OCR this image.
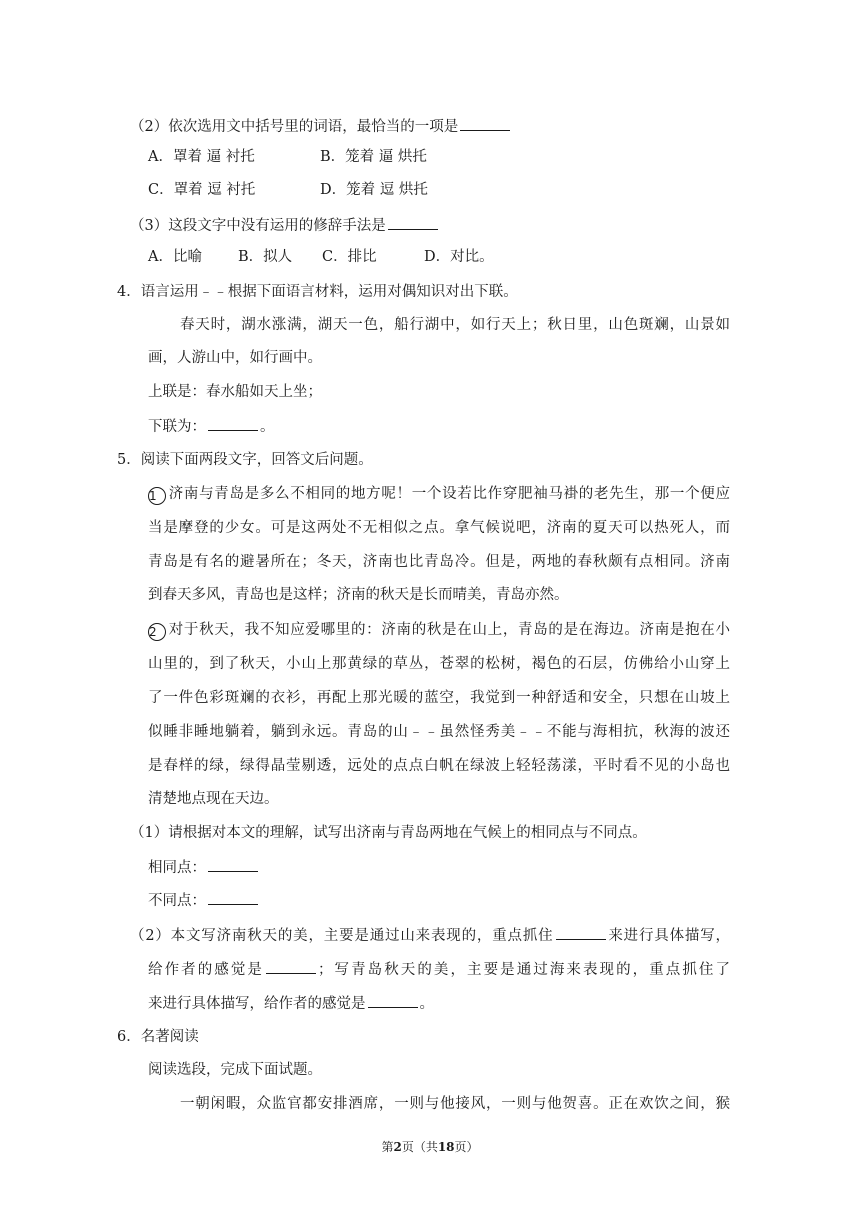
（2）依次选用文中括号里的词语，最恰当的一项是
A．罩着 逼 衬托	B．笼着 逼 烘托
C．罩着 逗 衬托	D．笼着 逗 烘托
（3）这段文字中没有运用的修辞手法是
A．比喻 B．拟人 C．排比	D．对比。
4．语言运用﹣﹣根据下面语言材料，运用对偶知识对出下联。
春天时，湖水涨满，湖天一色，船行湖中，如行天上；秋日里，山色斑斓，山景如
画，人游山中，如行画中。
上联是：春水船如天上坐；
下联为：	。
5．阅读下面两段文字，回答文后问题。
1 济南与青岛是多么不相同的地方呢！一个设若比作穿肥袖马褂的老先生，那一个便应
当是摩登的少女。可是这两处不无相似之点。拿气候说吧，济南的夏天可以热死人，而
青岛是有名的避暑所在；冬天，济南也比青岛冷。但是，两地的春秋颇有点相同。济南
到春天多风，青岛也是这样；济南的秋天是长而晴美，青岛亦然。
2 对于秋天，我不知应爱哪里的：济南的秋是在山上，青岛的是在海边。济南是抱在小
山里的，到了秋天，小山上那黄绿的草丛，苍翠的松树，褐色的石层，仿佛给小山穿上
了一件色彩斑斓的衣衫，再配上那光暖的蓝空，我觉到一种舒适和安全，只想在山坡上
似睡非睡地躺着，躺到永远。青岛的山﹣﹣虽然怪秀美﹣﹣不能与海相抗，秋海的波还
是春样的绿，绿得晶莹剔透，远处的点点白帆在绿波上轻轻荡漾，平时看不见的小岛也
清楚地点现在天边。
（1）请根据对本文的理解，试写出济南与青岛两地在气候上的相同点与不同点。
相同点：
不同点：
（2）本文写济南秋天的美，主要是通过山来表现的，重点抓住	来进行具体描写，
给作者的感觉是	；写青岛秋天的美，主要是通过海来表现的，重点抓住了
来进行具体描写，给作者的感觉是	。
6．名著阅读
阅读选段，完成下面试题。
一朝闲暇，众监官都安排酒席，一则与他接风，一则与他贺喜。正在欢饮之间，猴
第2页（共18页）
